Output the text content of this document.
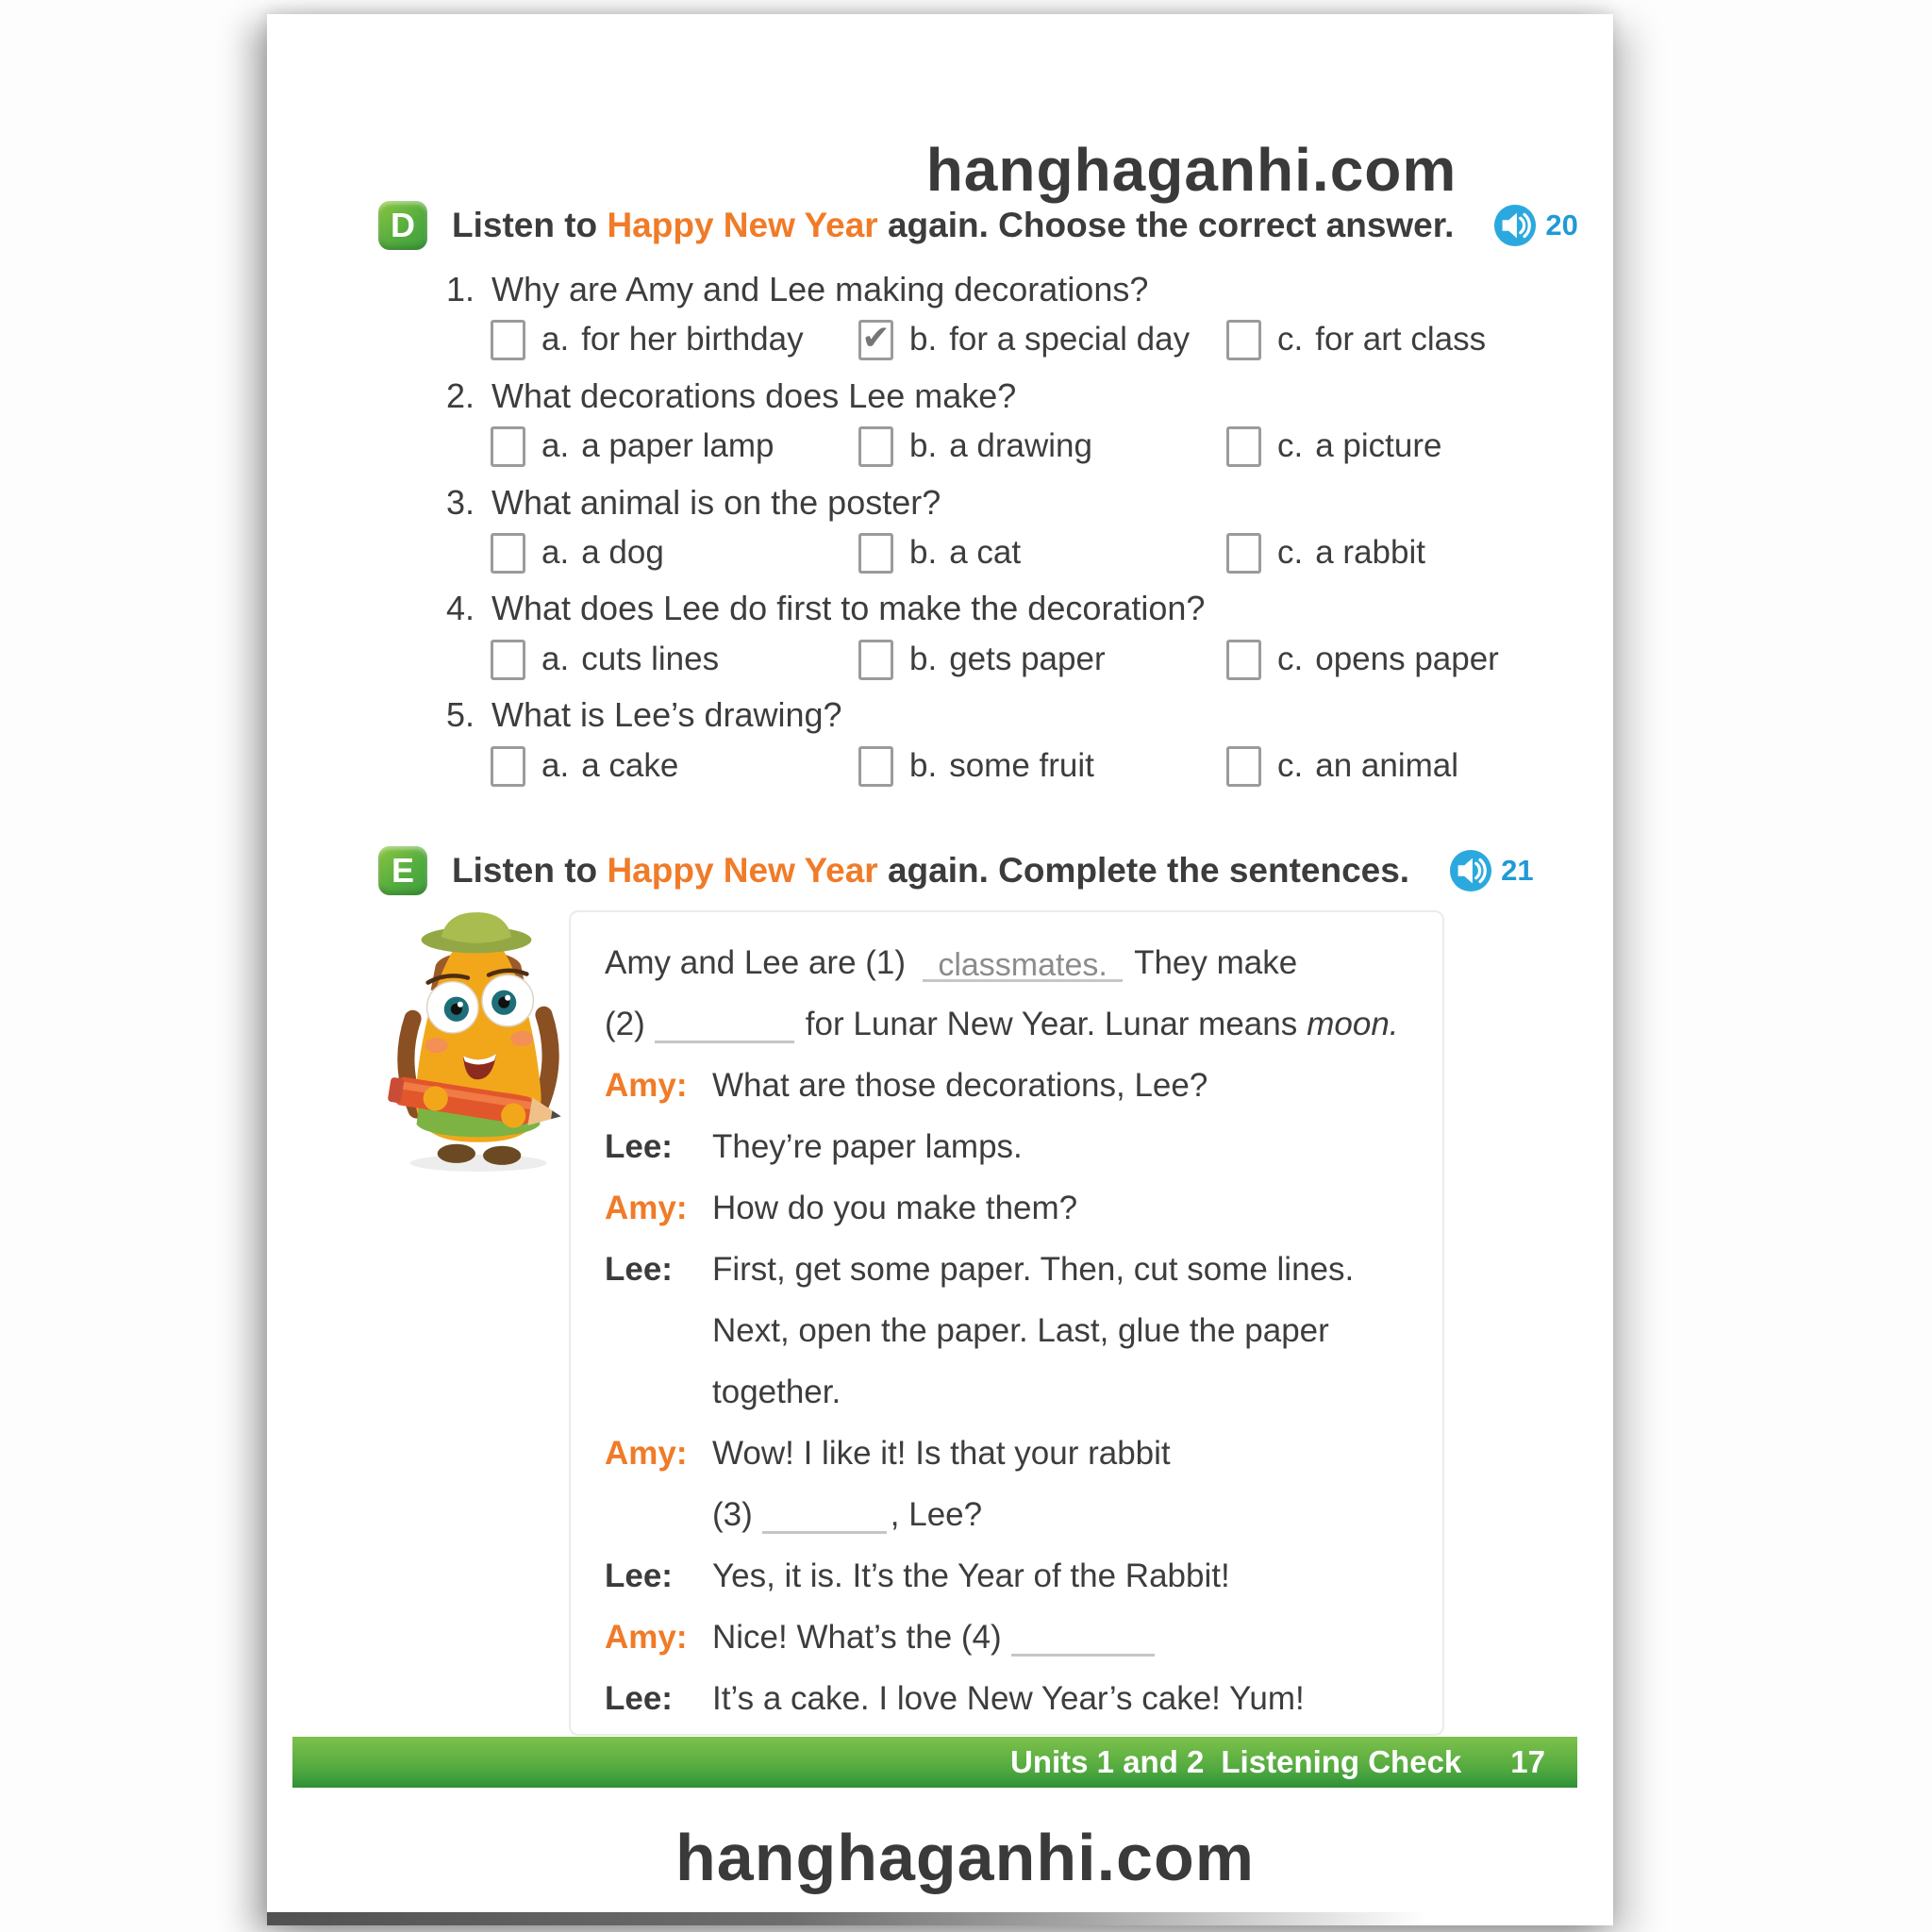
hanghaganhi.com
D	Listen to Happy New Year again. Choose the correct answer.	20
1. Why are Amy and Lee making decorations?
a. for her birthday ✔ b. for a special day	c. for art class
2. What decorations does Lee make?
a. a paper lamp	b. a drawing	c. a picture
3. What animal is on the poster?
a. a dog	b. a cat	c. a rabbit
4. What does Lee do first to make the decoration?
a. cuts lines	b. gets paper	c. opens paper
5. What is Lee’s drawing?
a. a cake	b. some fruit	c. an animal
E	Listen to Happy New Year again. Complete the sentences.	21
Amy and Lee are (1)	classmates. They make
(2)	for Lunar New Year. Lunar means moon.
Amy: What are those decorations, Lee?
Lee:	They’re paper lamps.
Amy: How do you make them?
Lee:	First, get some paper. Then, cut some lines.
Next, open the paper. Last, glue the paper
together.
Amy: Wow! I like it! Is that your rabbit
(3)	, Lee?
Lee:	Yes, it is. It’s the Year of the Rabbit!
Amy: Nice! What’s the (4)
Lee:	It’s a cake. I love New Year’s cake! Yum!
Units 1 and 2 Listening Check 17
hanghaganhi.com
